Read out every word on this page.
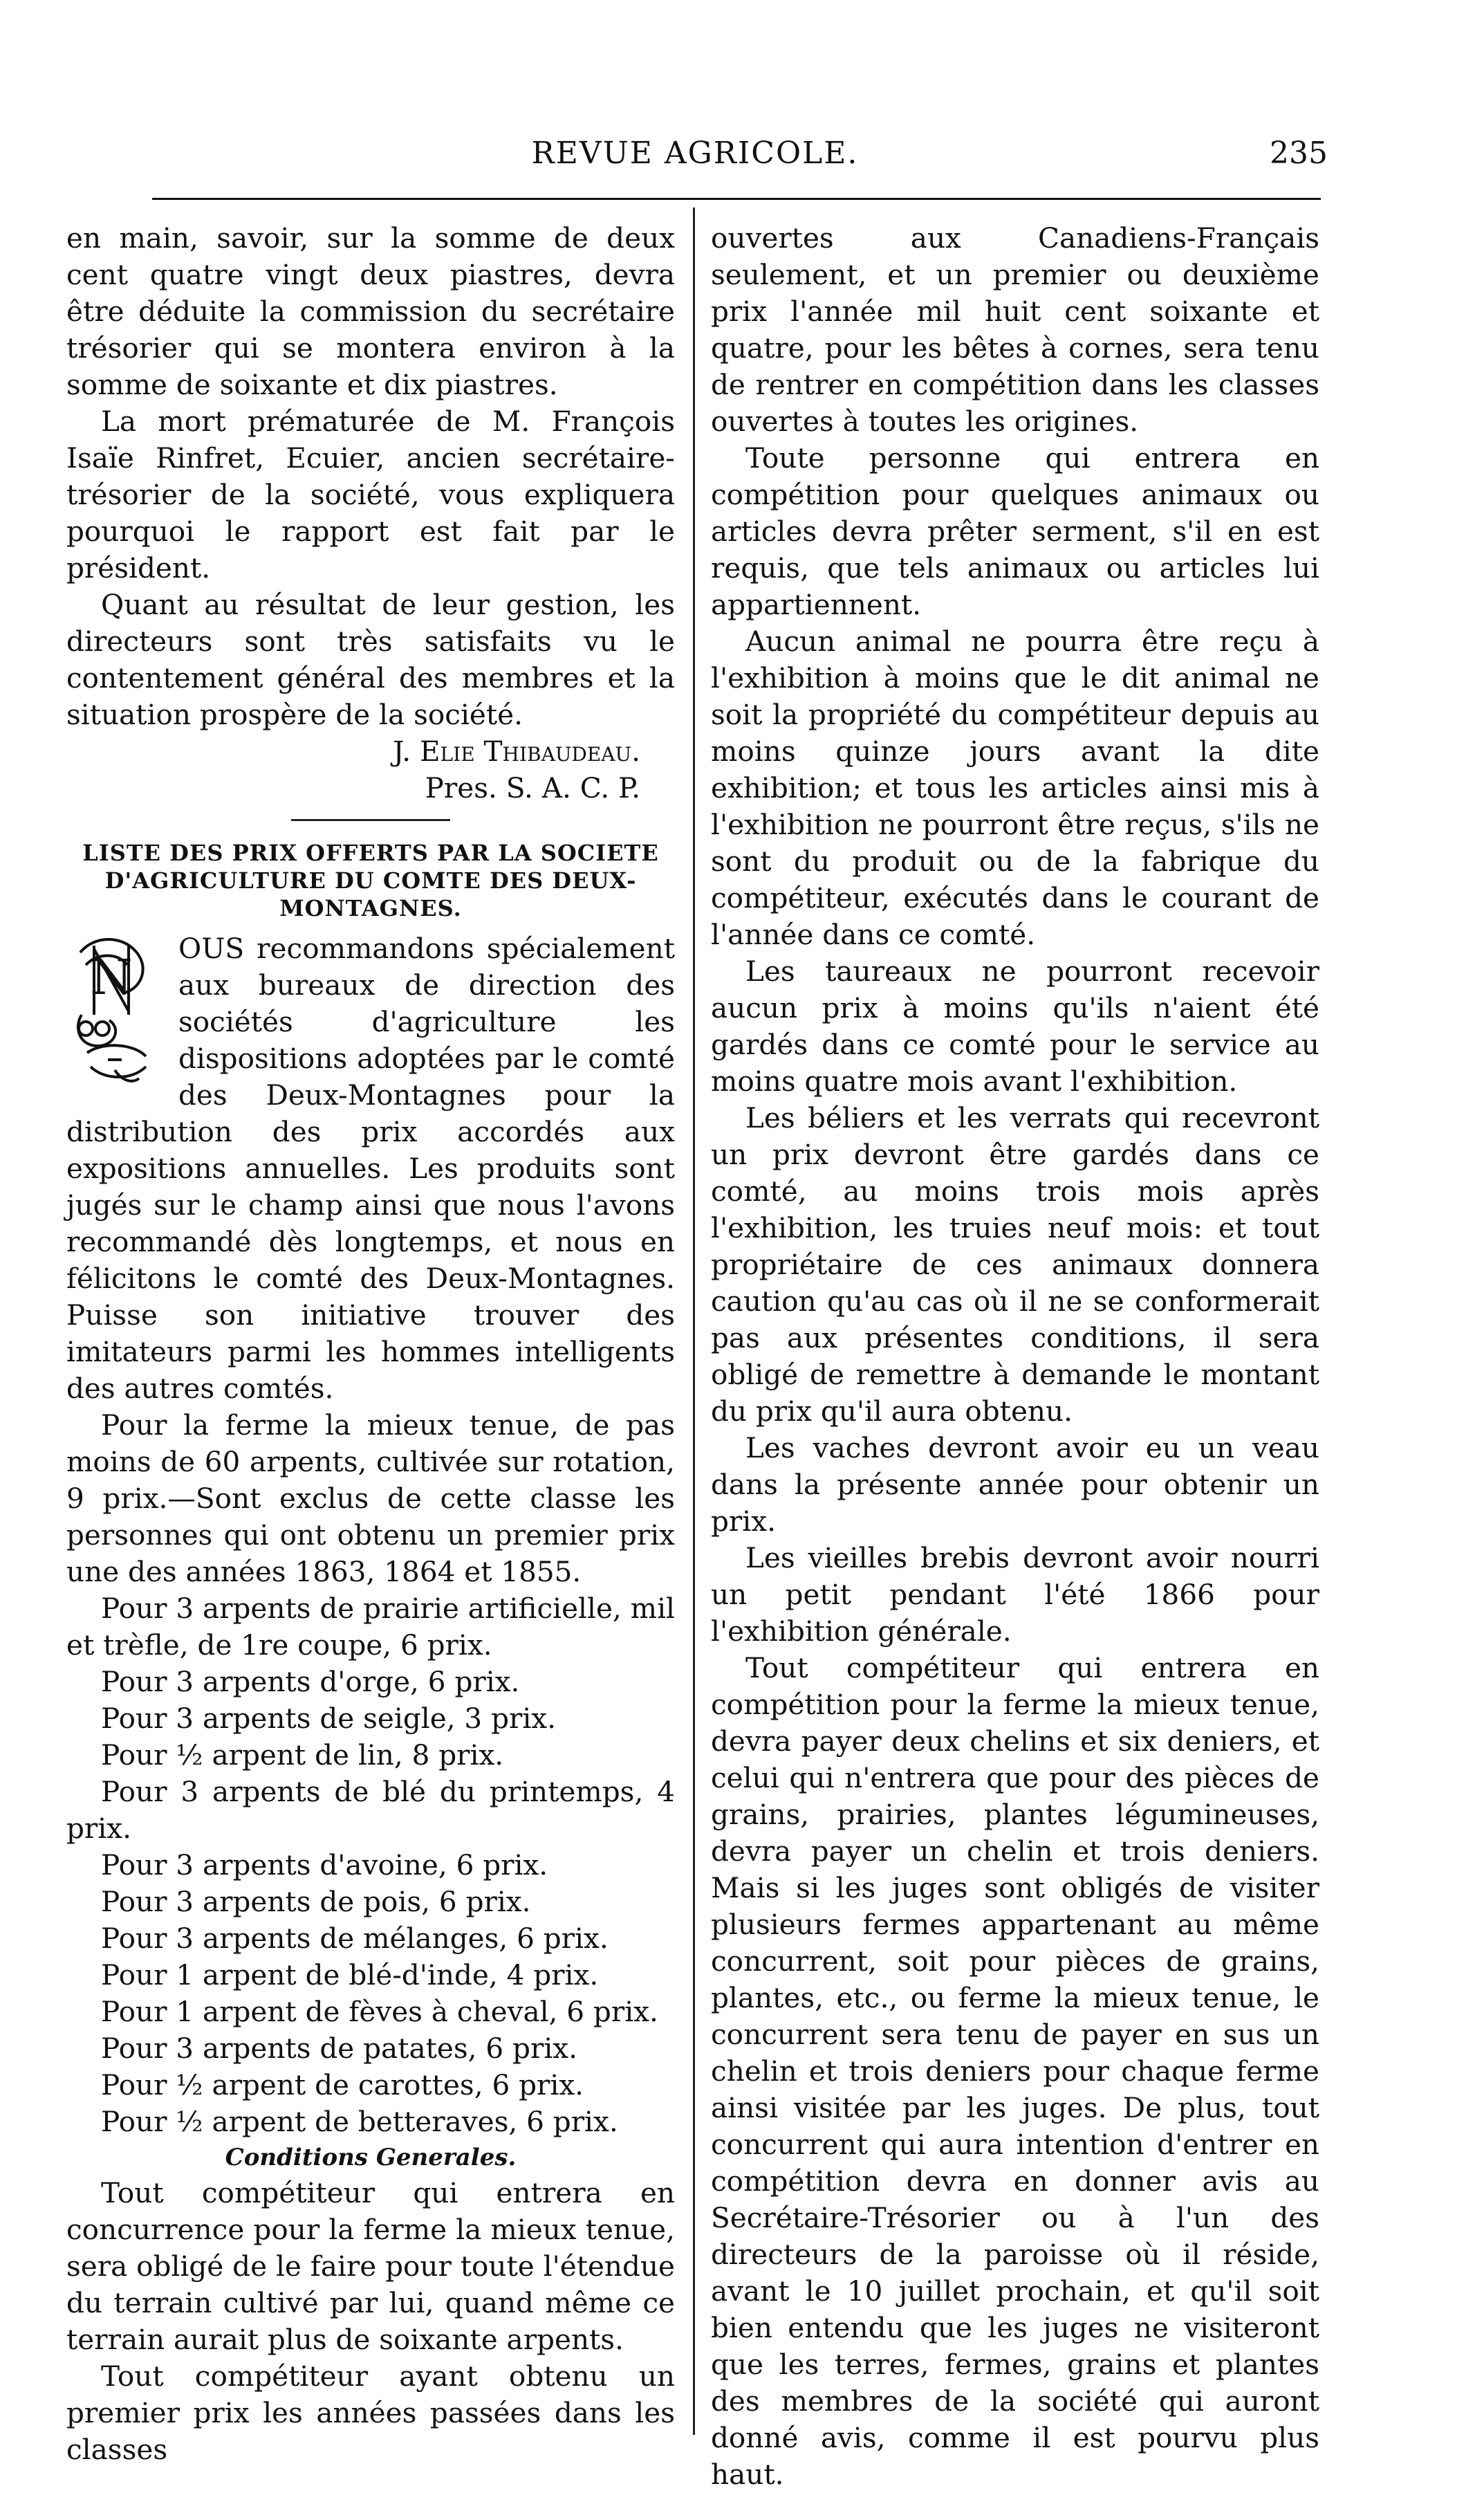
REVUE AGRICOLE.	235

en main, savoir, sur la somme de deux cent quatre vingt deux piastres, devra être déduite la commission du secrétaire trésorier qui se montera environ à la somme de soixante et dix piastres.

La mort prématurée de M. François Isaïe Rinfret, Ecuier, ancien secrétaire-trésorier de la société, vous expliquera pourquoi le rapport est fait par le président.

Quant au résultat de leur gestion, les directeurs sont très satisfaits vu le contentement général des membres et la situation prospère de la société.

J. Elie Thibaudeau.
Pres. S. A. C. P.
LISTE DES PRIX OFFERTS PAR LA SOCIETE D'AGRICULTURE DU COMTE DES DEUX-MONTAGNES.

N
OUS recommandons spécialement aux bureaux de direction des sociétés d'agriculture les dispositions adoptées par le comté des Deux-Montagnes pour la distribution des prix accordés aux expositions annuelles. Les produits sont jugés sur le champ ainsi que nous l'avons recommandé dès longtemps, et nous en félicitons le comté des Deux-Montagnes. Puisse son initiative trouver des imitateurs parmi les hommes intelligents des autres comtés.

Pour la ferme la mieux tenue, de pas moins de 60 arpents, cultivée sur rotation, 9 prix.—Sont exclus de cette classe les personnes qui ont obtenu un premier prix une des années 1863, 1864 et 1855.

Pour 3 arpents de prairie artificielle, mil et trèfle, de 1re coupe, 6 prix.

Pour 3 arpents d'orge, 6 prix.

Pour 3 arpents de seigle, 3 prix.

Pour ½ arpent de lin, 8 prix.

Pour 3 arpents de blé du printemps, 4 prix.

Pour 3 arpents d'avoine, 6 prix.

Pour 3 arpents de pois, 6 prix.

Pour 3 arpents de mélanges, 6 prix.

Pour 1 arpent de blé-d'inde, 4 prix.

Pour 1 arpent de fèves à cheval, 6 prix.

Pour 3 arpents de patates, 6 prix.

Pour ½ arpent de carottes, 6 prix.

Pour ½ arpent de betteraves, 6 prix.

Conditions Generales.

Tout compétiteur qui entrera en concurrence pour la ferme la mieux tenue, sera obligé de le faire pour toute l'étendue du terrain cultivé par lui, quand même ce terrain aurait plus de soixante arpents.

Tout compétiteur ayant obtenu un premier prix les années passées dans les classes

ouvertes aux Canadiens-Français seulement, et un premier ou deuxième prix l'année mil huit cent soixante et quatre, pour les bêtes à cornes, sera tenu de rentrer en compétition dans les classes ouvertes à toutes les origines.

Toute personne qui entrera en compétition pour quelques animaux ou articles devra prêter serment, s'il en est requis, que tels animaux ou articles lui appartiennent.

Aucun animal ne pourra être reçu à l'exhibition à moins que le dit animal ne soit la propriété du compétiteur depuis au moins quinze jours avant la dite exhibition; et tous les articles ainsi mis à l'exhibition ne pourront être reçus, s'ils ne sont du produit ou de la fabrique du compétiteur, exécutés dans le courant de l'année dans ce comté.

Les taureaux ne pourront recevoir aucun prix à moins qu'ils n'aient été gardés dans ce comté pour le service au moins quatre mois avant l'exhibition.

Les béliers et les verrats qui recevront un prix devront être gardés dans ce comté, au moins trois mois après l'exhibition, les truies neuf mois: et tout propriétaire de ces animaux donnera caution qu'au cas où il ne se conformerait pas aux présentes conditions, il sera obligé de remettre à demande le montant du prix qu'il aura obtenu.

Les vaches devront avoir eu un veau dans la présente année pour obtenir un prix.

Les vieilles brebis devront avoir nourri un petit pendant l'été 1866 pour l'exhibition générale.

Tout compétiteur qui entrera en compétition pour la ferme la mieux tenue, devra payer deux chelins et six deniers, et celui qui n'entrera que pour des pièces de grains, prairies, plantes légumineuses, devra payer un chelin et trois deniers. Mais si les juges sont obligés de visiter plusieurs fermes appartenant au même concurrent, soit pour pièces de grains, plantes, etc., ou ferme la mieux tenue, le concurrent sera tenu de payer en sus un chelin et trois deniers pour chaque ferme ainsi visitée par les juges. De plus, tout concurrent qui aura intention d'entrer en compétition devra en donner avis au Secrétaire-Trésorier ou à l'un des directeurs de la paroisse où il réside, avant le 10 juillet prochain, et qu'il soit bien entendu que les juges ne visiteront que les terres, fermes, grains et plantes des membres de la société qui auront donné avis, comme il est pourvu plus haut.
